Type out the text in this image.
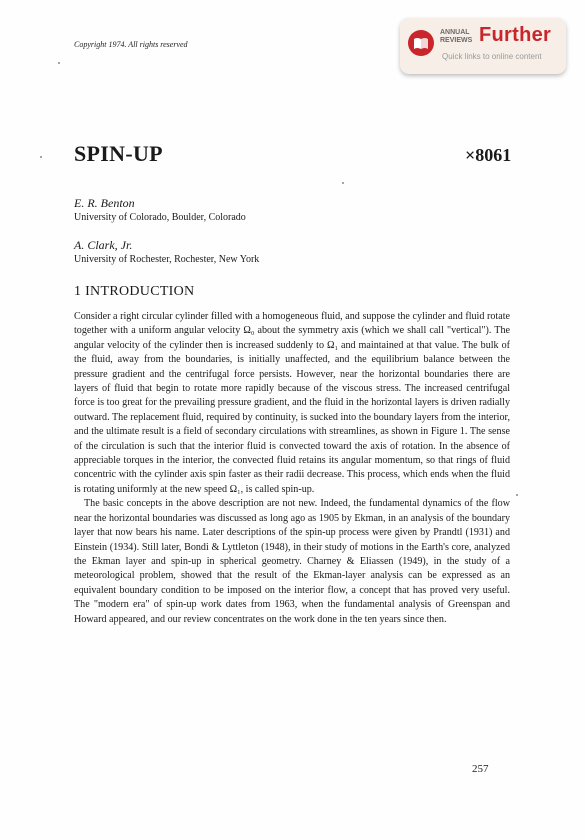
Copyright 1974. All rights reserved
ANNUAL
REVIEWS Further
Quick links to online content
SPIN-UP	×8061
E. R. Benton
University of Colorado, Boulder, Colorado
A. Clark, Jr.
University of Rochester, Rochester, New York
1 INTRODUCTION

Consider a right circular cylinder filled with a homogeneous fluid, and suppose the cylinder and fluid rotate together with a uniform angular velocity Ω₀ about the symmetry axis (which we shall call "vertical"). The angular velocity of the cylinder then is increased suddenly to Ω₁ and maintained at that value. The bulk of the fluid, away from the boundaries, is initially unaffected, and the equilibrium balance between the pressure gradient and the centrifugal force persists. However, near the horizontal boundaries there are layers of fluid that begin to rotate more rapidly because of the viscous stress. The increased centrifugal force is too great for the prevailing pressure gradient, and the fluid in the horizontal layers is driven radially outward. The replacement fluid, required by continuity, is sucked into the boundary layers from the interior, and the ultimate result is a field of secondary circulations with streamlines, as shown in Figure 1. The sense of the circulation is such that the interior fluid is convected toward the axis of rotation. In the absence of appreciable torques in the interior, the convected fluid retains its angular momentum, so that rings of fluid concentric with the cylinder axis spin faster as their radii decrease. This process, which ends when the fluid is rotating uniformly at the new speed Ω₁, is called spin-up.

The basic concepts in the above description are not new. Indeed, the fundamental dynamics of the flow near the horizontal boundaries was discussed as long ago as 1905 by Ekman, in an analysis of the boundary layer that now bears his name. Later descriptions of the spin-up process were given by Prandtl (1931) and Einstein (1934). Still later, Bondi & Lyttleton (1948), in their study of motions in the Earth's core, analyzed the Ekman layer and spin-up in spherical geometry. Charney & Eliassen (1949), in the study of a meteorological problem, showed that the result of the Ekman-layer analysis can be expressed as an equivalent boundary condition to be imposed on the interior flow, a concept that has proved very useful. The "modern era" of spin-up work dates from 1963, when the fundamental analysis of Greenspan and Howard appeared, and our review concentrates on the work done in the ten years since then.

257
